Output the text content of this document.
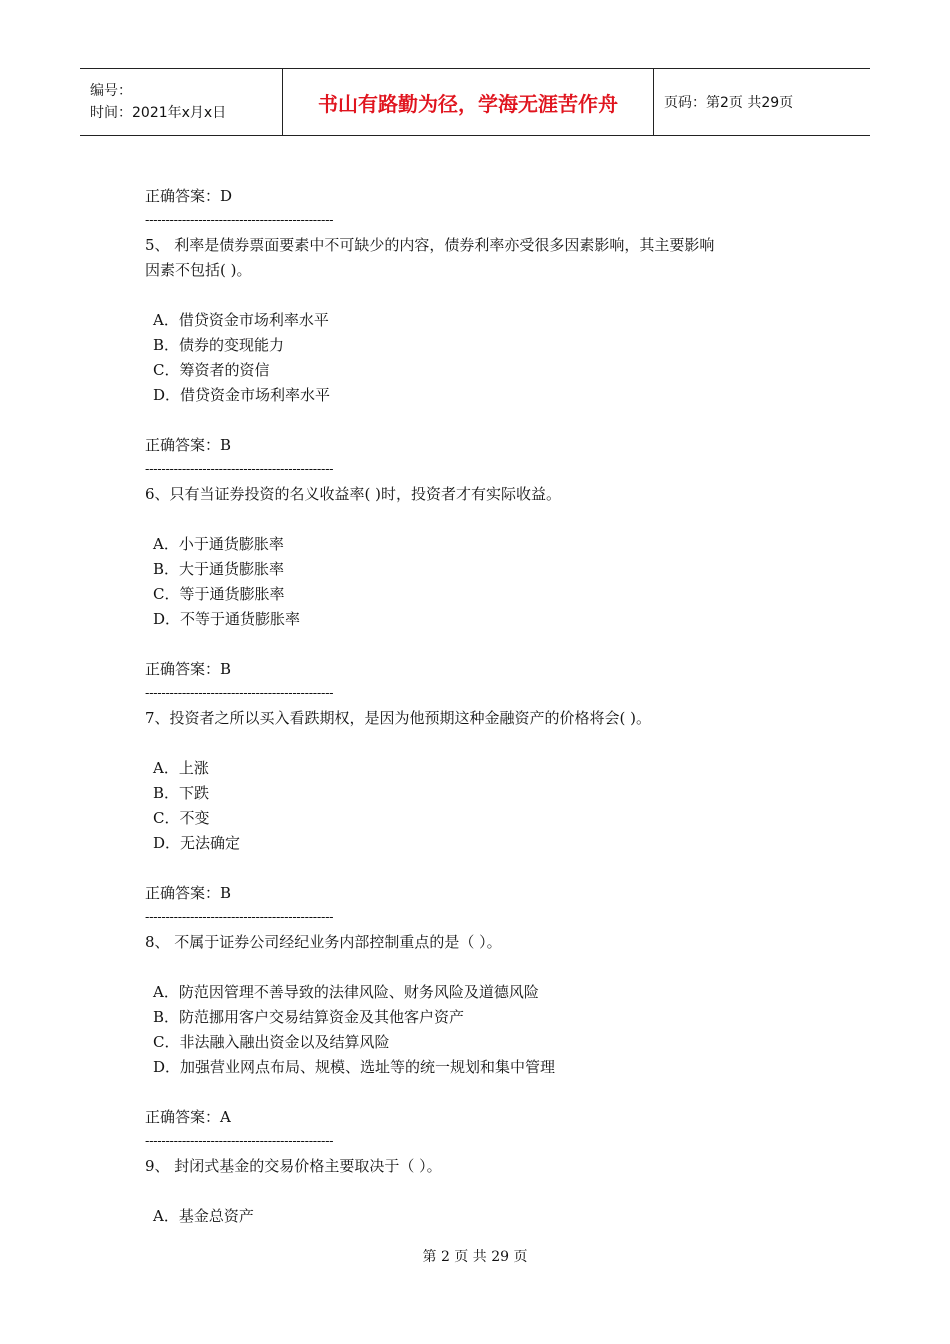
编号：
时间：2021年x月x日	书山有路勤为径，学海无涯苦作舟	页码：第2页 共29页
正确答案：D
----------------------------------------------
5、 利率是债券票面要素中不可缺少的内容，债券利率亦受很多因素影响，其主要影响
因素不包括( )。
A．借贷资金市场利率水平
B．债券的变现能力
C．筹资者的资信
D．借贷资金市场利率水平
正确答案：B
----------------------------------------------
6、只有当证券投资的名义收益率( )时，投资者才有实际收益。
A．小于通货膨胀率
B．大于通货膨胀率
C．等于通货膨胀率
D．不等于通货膨胀率
正确答案：B
----------------------------------------------
7、投资者之所以买入看跌期权，是因为他预期这种金融资产的价格将会( )。
A．上涨
B．下跌
C．不变
D．无法确定
正确答案：B
----------------------------------------------
8、 不属于证券公司经纪业务内部控制重点的是（ ）。
A．防范因管理不善导致的法律风险、财务风险及道德风险
B．防范挪用客户交易结算资金及其他客户资产
C．非法融入融出资金以及结算风险
D．加强营业网点布局、规模、选址等的统一规划和集中管理
正确答案：A
----------------------------------------------
9、 封闭式基金的交易价格主要取决于（ ）。
A．基金总资产
第 2 页 共 29 页
